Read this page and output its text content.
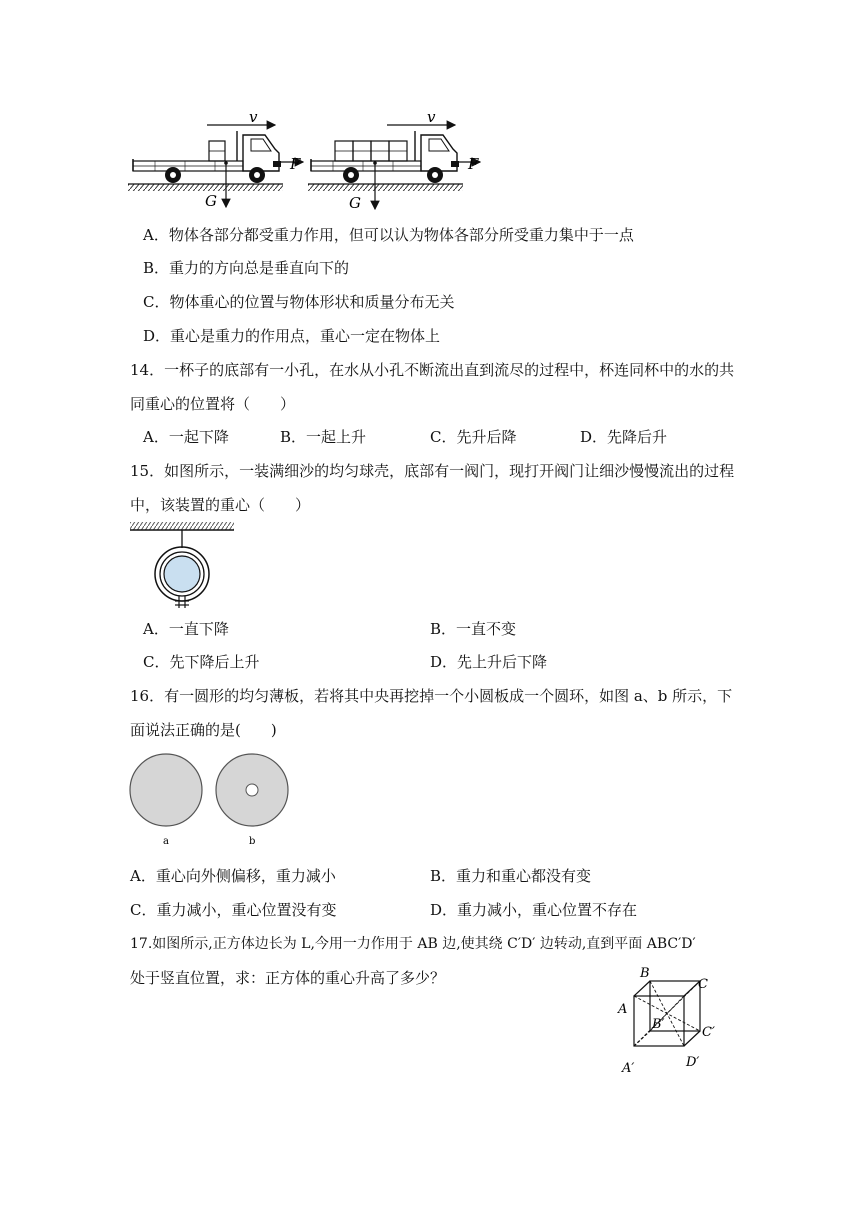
v
F
G
v
F
G
A．物体各部分都受重力作用，但可以认为物体各部分所受重力集中于一点
B．重力的方向总是垂直向下的
C．物体重心的位置与物体形状和质量分布无关
D．重心是重力的作用点，重心一定在物体上
14．一杯子的底部有一小孔，在水从小孔不断流出直到流尽的过程中，杯连同杯中的水的共
同重心的位置将（　　）
A．一起下降	B．一起上升	C．先升后降	D．先降后升
15．如图所示，一装满细沙的均匀球壳，底部有一阀门，现打开阀门让细沙慢慢流出的过程
中，该装置的重心（　　）
A．一直下降	B．一直不变
C．先下降后上升	D．先上升后下降
16．有一圆形的均匀薄板，若将其中央再挖掉一个小圆板成一个圆环，如图 a、b 所示，下
面说法正确的是(　　)
a	b
A．重心向外侧偏移，重力减小	B．重力和重心都没有变
C．重力减小，重心位置没有变	D．重力减小，重心位置不存在
17.如图所示,正方体边长为 L,今用一力作用于 AB 边,使其绕 C′D′ 边转动,直到平面 ABC′D′
处于竖直位置，求：正方体的重心升高了多少？	B
C
A
B′
C′
A′	D′
